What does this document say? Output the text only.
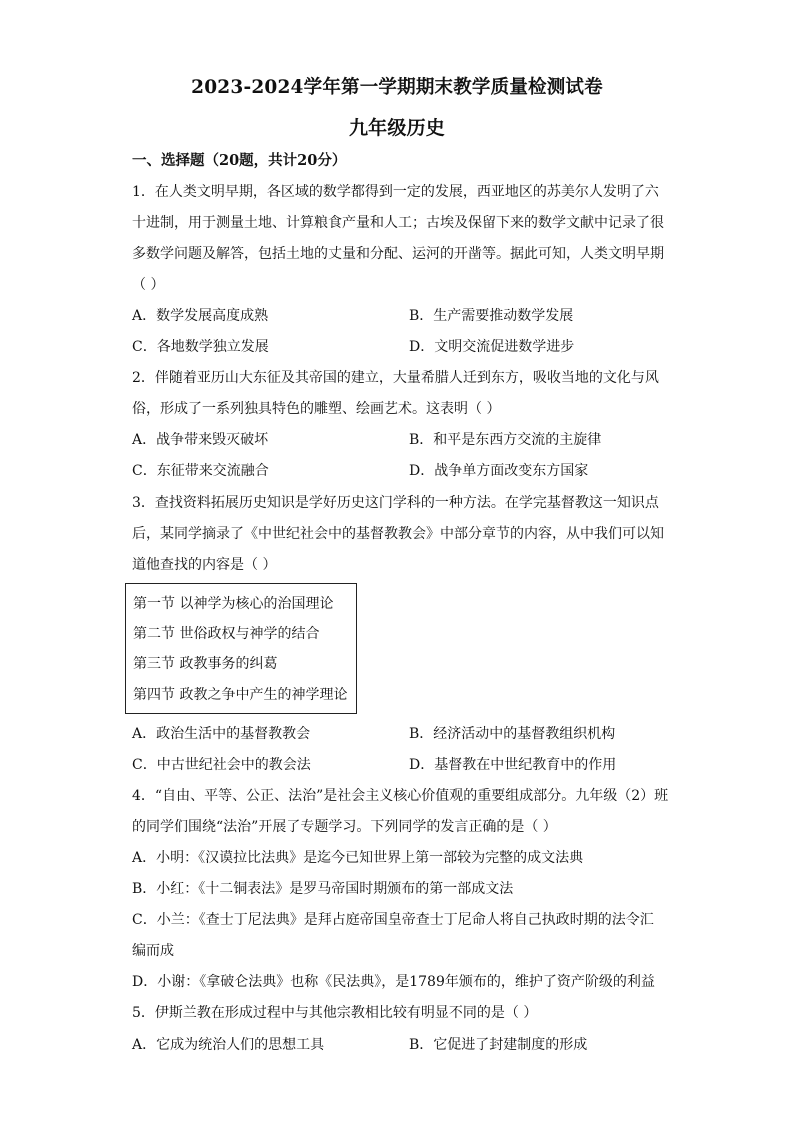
2023-2024学年第一学期期末教学质量检测试卷
九年级历史
一、选择题（20题，共计20分）
1．在人类文明早期，各区域的数学都得到一定的发展，西亚地区的苏美尔人发明了六
十进制，用于测量土地、计算粮食产量和人工；古埃及保留下来的数学文献中记录了很
多数学问题及解答，包括土地的丈量和分配、运河的开凿等。据此可知，人类文明早期
（ ）
A．数学发展高度成熟	B．生产需要推动数学发展
C．各地数学独立发展	D．文明交流促进数学进步
2．伴随着亚历山大东征及其帝国的建立，大量希腊人迁到东方，吸收当地的文化与风
俗，形成了一系列独具特色的雕塑、绘画艺术。这表明（ ）
A．战争带来毁灭破坏	B．和平是东西方交流的主旋律
C．东征带来交流融合	D．战争单方面改变东方国家
3．查找资料拓展历史知识是学好历史这门学科的一种方法。在学完基督教这一知识点
后，某同学摘录了《中世纪社会中的基督教教会》中部分章节的内容，从中我们可以知
道他查找的内容是（ ）
第一节 以神学为核心的治国理论
第二节 世俗政权与神学的结合
第三节 政教事务的纠葛
第四节 政教之争中产生的神学理论
A．政治生活中的基督教教会	B．经济活动中的基督教组织机构
C．中古世纪社会中的教会法	D．基督教在中世纪教育中的作用
4．“自由、平等、公正、法治”是社会主义核心价值观的重要组成部分。九年级（2）班
的同学们围绕“法治”开展了专题学习。下列同学的发言正确的是（ ）
A．小明：《汉谟拉比法典》是迄今已知世界上第一部较为完整的成文法典
B．小红：《十二铜表法》是罗马帝国时期颁布的第一部成文法
C．小兰：《查士丁尼法典》是拜占庭帝国皇帝查士丁尼命人将自己执政时期的法令汇
编而成
D．小谢：《拿破仑法典》也称《民法典》，是1789年颁布的，维护了资产阶级的利益
5．伊斯兰教在形成过程中与其他宗教相比较有明显不同的是（ ）
A．它成为统治人们的思想工具	B．它促进了封建制度的形成
